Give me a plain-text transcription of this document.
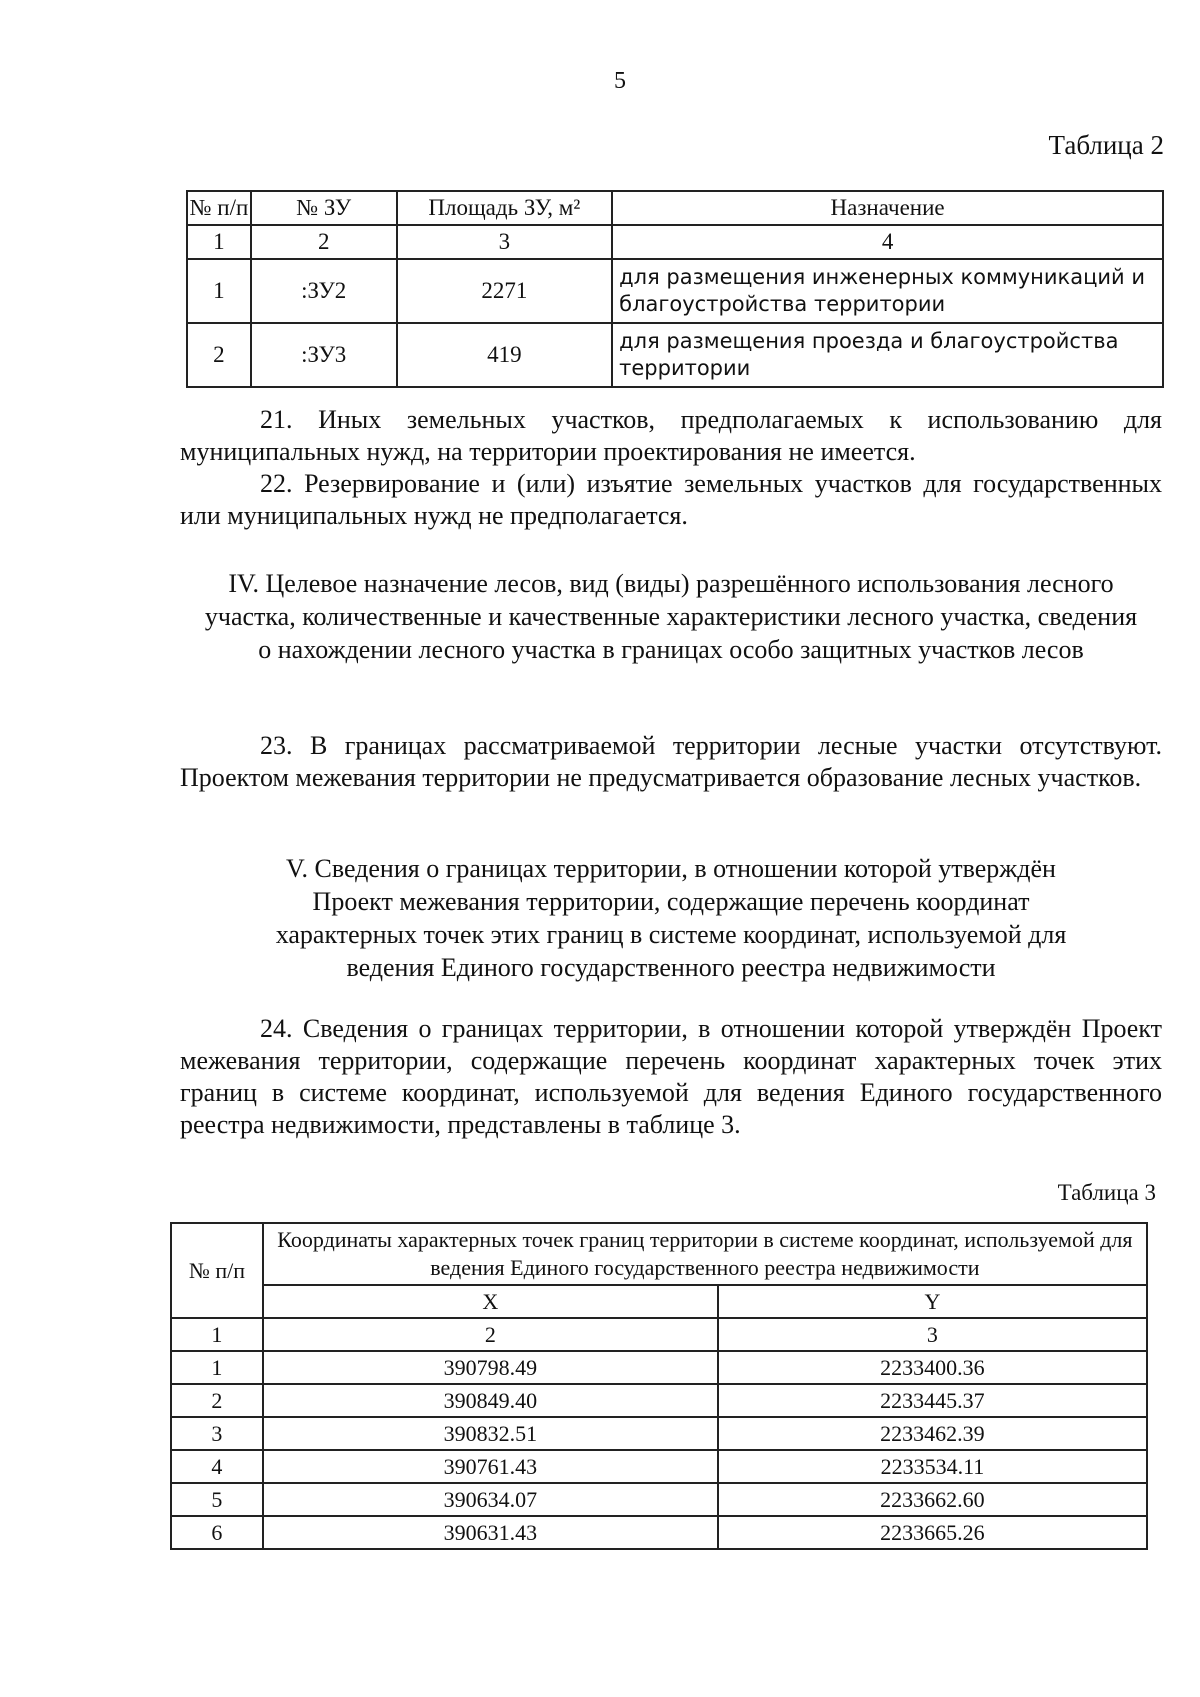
5
Таблица 2
№ п/п	№ ЗУ	Площадь ЗУ, м²	Назначение
1	2	3	4
1	:ЗУ2	2271	для размещения инженерных коммуникаций и благоустройства территории
2	:ЗУ3	419	для размещения проезда и благоустройства территории
21. Иных земельных участков, предполагаемых к использованию для муниципальных нужд, на территории проектирования не имеется.
22. Резервирование и (или) изъятие земельных участков для государственных или муниципальных нужд не предполагается.
IV. Целевое назначение лесов, вид (виды) разрешённого использования лесного участка, количественные и качественные характеристики лесного участка, сведения о нахождении лесного участка в границах особо защитных участков лесов
23. В границах рассматриваемой территории лесные участки отсутствуют. Проектом межевания территории не предусматривается образование лесных участков.
V. Сведения о границах территории, в отношении которой утверждён Проект межевания территории, содержащие перечень координат характерных точек этих границ в системе координат, используемой для ведения Единого государственного реестра недвижимости
24. Сведения о границах территории, в отношении которой утверждён Проект межевания территории, содержащие перечень координат характерных точек этих границ в системе координат, используемой для ведения Единого государственного реестра недвижимости, представлены в таблице 3.
Таблица 3
№ п/п	Координаты характерных точек границ территории в системе координат, используемой для ведения Единого государственного реестра недвижимости	
	X	Y
1	2	3
1	390798.49	2233400.36
2	390849.40	2233445.37
3	390832.51	2233462.39
4	390761.43	2233534.11
5	390634.07	2233662.60
6	390631.43	2233665.26
